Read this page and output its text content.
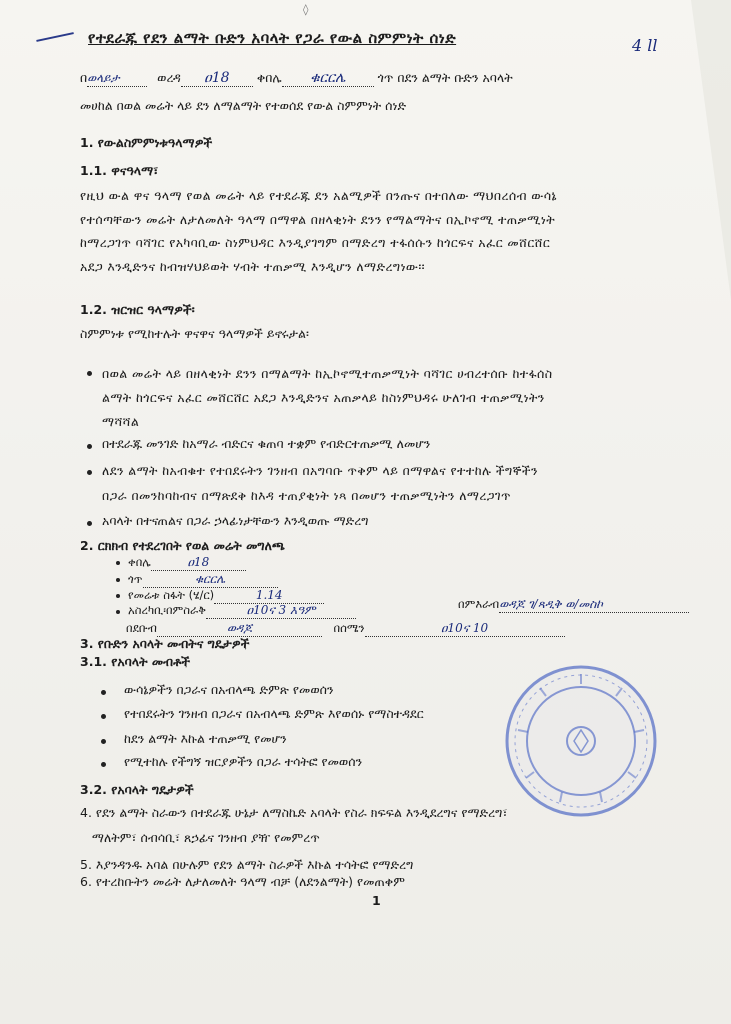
◊
4 ll
የተደራጁ የደን ልማት ቡድን አባላት የጋራ የውል ስምምነት ሰነድ
በወላይታ	ወረዳ ዐ18 ቀበሌ ቁርርሌ	ጎጥ በደን ልማት ቡድን አባላት
መሀከል በወል መሬት ላይ ደን ለማልማት የተወሰደ የውል ስምምነት ሰነድ
1. የውልስምምነቱዓላማዎች
1.1. ዋናዓላማ፣
የዚህ ውል ዋና ዓላማ የወል መሬት ላይ የተደራጁ ደን አልሚዎች በንጡና በተበለው ማህበረሰብ ውሳኔ
የተሰጣቸውን መሬት ለታለመለት ዓላማ በማዋል በዘላቂነት ደንን የማልማትና በኢኮኖሚ ተጠቃሚነት
ከማረጋገጥ ባሻገር የአካባቢው ስነምህዳር እንዲያገግም በማድረግ ተፋሰሱን ከጎርፍና አፈር መሸርሸር
አደጋ እንዲድንና ከብዝሃህይወት ሃብት ተጠቃሚ እንዲሆን ለማድረግነው፡፡
1.2. ዝርዝር ዓላማዎች፡
ስምምነቱ የሚከተሉት ዋናዋና ዓላማዎች ይኖሩታል፡
በወል መሬት ላይ በዘላቂነት ደንን በማልማት ከኢኮኖሚተጠቃሚነት ባሻገር ሀብረተሰቡ ከተፋሰስ
ልማት ከጎርፍና አፈር መሸርሸር አደጋ እንዲድንና አጠቃላይ ከስነምህዳሩ ሁለገብ ተጠቃሚነትን
ማሻሻል
በተደራጁ መንገድ ከአማራ ብድርና ቁጠባ ተቋም የብድርተጠቃሚ ለመሆን
ለደን ልማት ከአብቁተ የተበደሩትን ገንዘብ በአግባቡ ጥቅም ላይ በማዋልና የተተከሉ ችግኞችን
በጋራ በመንከባከብና በማጽደቅ ከእዳ ተጠያቂነት ነጻ በመሆን ተጠቃሚነትን ለማረጋገጥ
አባላት በተናጠልና በጋራ ኃላፊነታቸውን እንዲወጡ ማድረግ
2. ርክክብ የተደረገበት የወል መሬት መግለጫ
ቀበሌ	ዐ18
ጎጥ	ቁርርሌ
የመሬቱ ስፋት (ሄ/ር)	1.14
አስረካቢ፡በምስራቅ	ዐ10ና 3 እዓም	በምእራብወዳጆ ገ/ጻዲቅ ወ/መስኮ
በደቡብ	ወዳጆ	በሰሜን	ዐ10ና 10
3. የቡድን አባላት መብትና ግዴታዎች
3.1. የአባላት መብቶች
ውሳኔዎችን በጋራና በአብላጫ ድምጽ የመወሰን
የተበደሩትን ገንዘብ በጋራና በአብላጫ ድምጽ እየወሰኑ የማስተዳደር
ከደን ልማት እኩል ተጠቃሚ የመሆን
የሚተከሉ የችግኝ ዝርያዎችን በጋራ ተሳትፎ የመወሰን
3.2. የአባላት ግዴታዎች
4. የደን ልማት ስራውን በተደራጁ ሁኔታ ለማስኬድ አባላት የስራ ክፍፍል እንዲደረግና የማድረግ፣
ማለትም፣ ሰብሳቢ፣ ጸኃፊና ገንዘብ ያዥ የመምረጥ
5. እያንዳንዱ አባል በሁሉም የደን ልማት ስራዎች እኩል ተሳትፎ የማድረግ
6. የተረከቡትን መሬት ለታለመለት ዓላማ ብቻ (ለደንልማት) የመጠቀም
1
